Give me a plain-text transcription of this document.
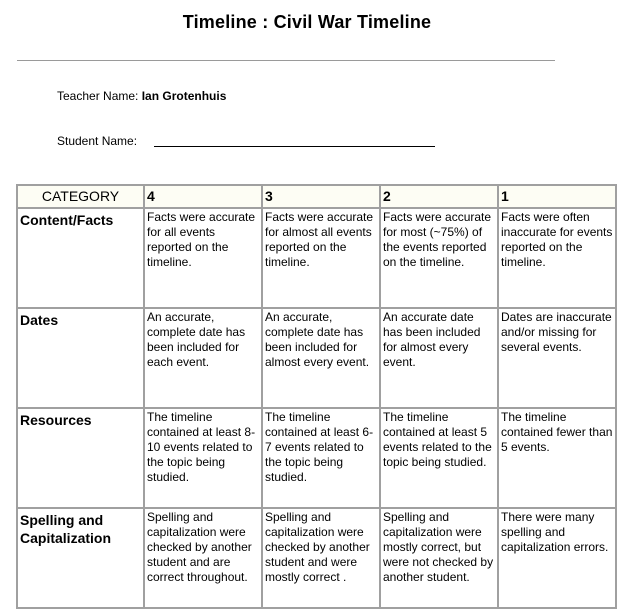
Timeline : Civil War Timeline
Teacher Name: Ian Grotenhuis
Student Name:
CATEGORY	4	3	2	1
Content/Facts	Facts were accurate for all events reported on the timeline.	Facts were accurate for almost all events reported on the timeline.	Facts were accurate for most (~75%) of the events reported on the timeline.	Facts were often inaccurate for events reported on the timeline.
Dates	An accurate, complete date has been included for each event.	An accurate, complete date has been included for almost every event.	An accurate date has been included for almost every event.	Dates are inaccurate and/or missing for several events.
Resources	The timeline contained at least 8-10 events related to the topic being studied.	The timeline contained at least 6-7 events related to the topic being studied.	The timeline contained at least 5 events related to the topic being studied.	The timeline contained fewer than 5 events.
Spelling and Capitalization	Spelling and capitalization were checked by another student and are correct throughout.	Spelling and capitalization were checked by another student and were mostly correct .	Spelling and capitalization were mostly correct, but were not checked by another student.	There were many spelling and capitalization errors.
